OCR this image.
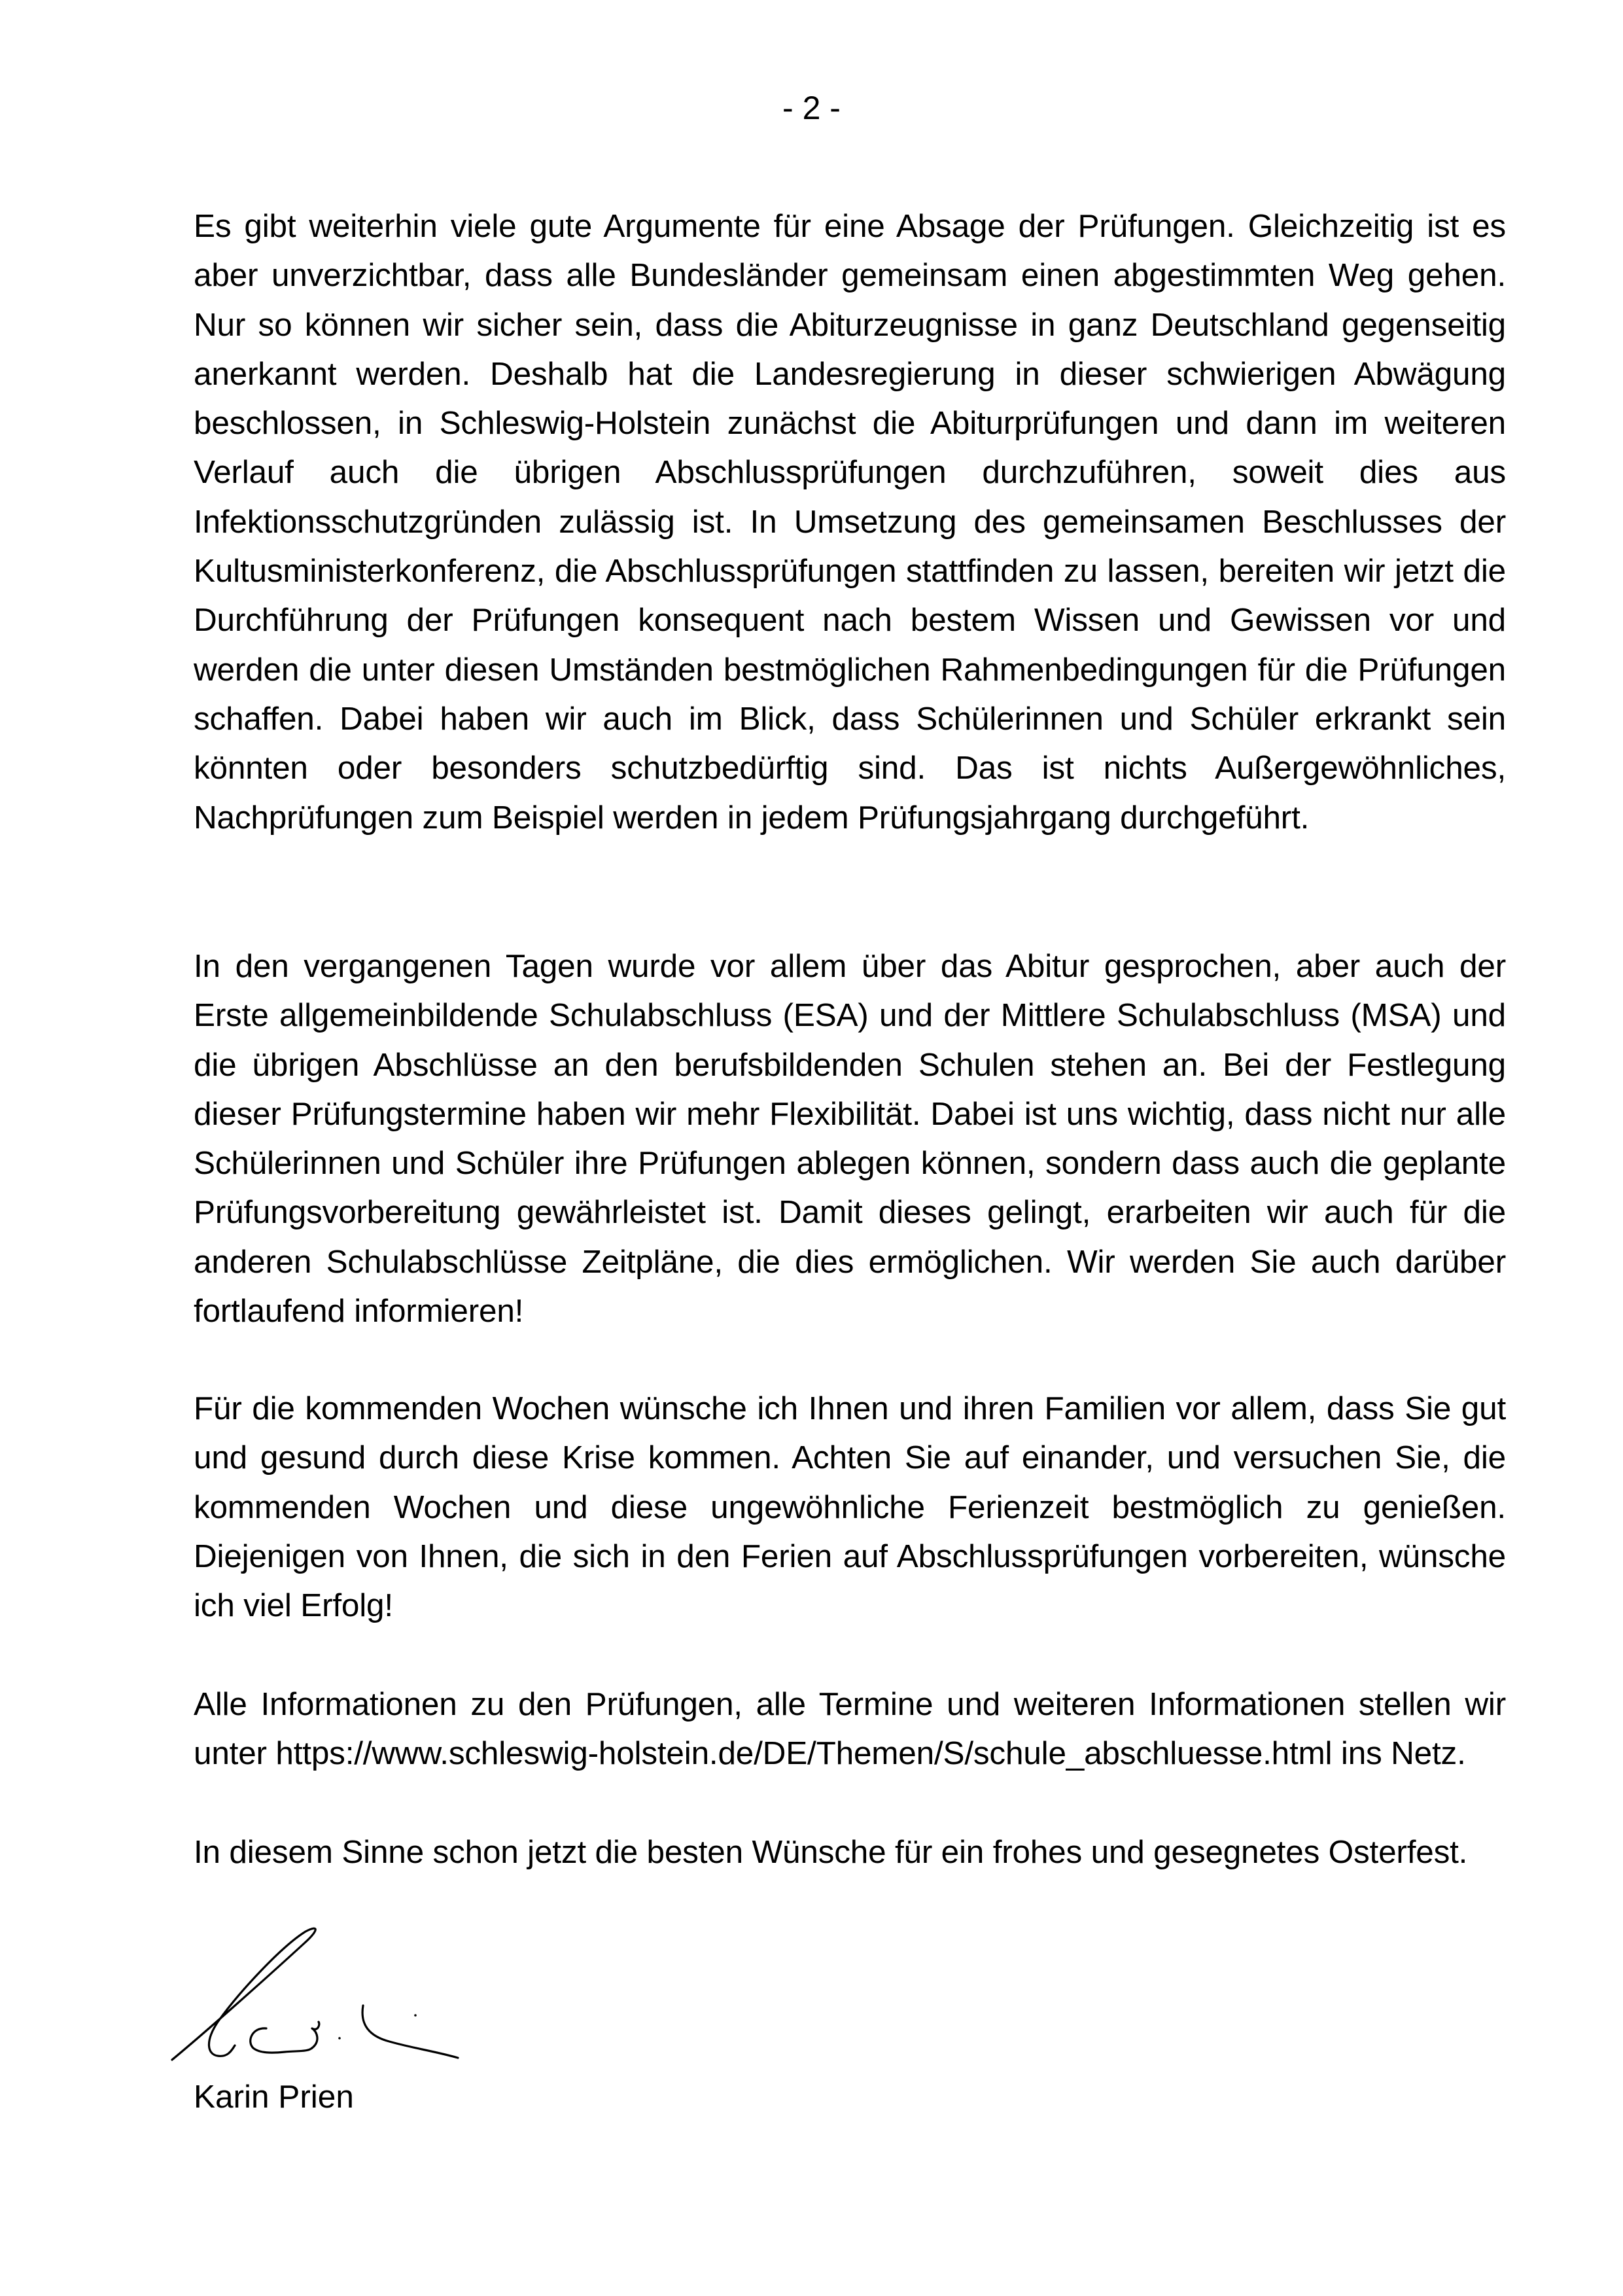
- 2 -

Es gibt weiterhin viele gute Argumente für eine Absage der Prüfungen. Gleichzeitig ist es aber unverzichtbar, dass alle Bundesländer gemeinsam einen abgestimmten Weg gehen. Nur so können wir sicher sein, dass die Abiturzeugnisse in ganz Deutschland gegenseitig anerkannt werden. Deshalb hat die Landesregierung in dieser schwierigen Abwägung beschlossen, in Schleswig-Holstein zunächst die Abiturprüfungen und dann im weiteren Verlauf auch die übrigen Abschlussprüfungen durchzuführen, soweit dies aus Infektionsschutzgründen zulässig ist. In Umsetzung des gemeinsamen Beschlusses der Kultusministerkonferenz, die Abschlussprüfungen stattfinden zu lassen, bereiten wir jetzt die Durchführung der Prüfungen konsequent nach bestem Wissen und Gewissen vor und werden die unter diesen Umständen bestmöglichen Rahmenbedingungen für die Prüfungen schaffen. Dabei haben wir auch im Blick, dass Schülerinnen und Schüler erkrankt sein könnten oder besonders schutzbedürftig sind. Das ist nichts Außergewöhnliches, Nachprüfungen zum Beispiel werden in jedem Prüfungsjahrgang durchgeführt.

In den vergangenen Tagen wurde vor allem über das Abitur gesprochen, aber auch der Erste allgemeinbildende Schulabschluss (ESA) und der Mittlere Schulabschluss (MSA) und die übrigen Abschlüsse an den berufsbildenden Schulen stehen an. Bei der Festlegung dieser Prüfungstermine haben wir mehr Flexibilität. Dabei ist uns wichtig, dass nicht nur alle Schülerinnen und Schüler ihre Prüfungen ablegen können, sondern dass auch die geplante Prüfungsvorbereitung gewährleistet ist. Damit dieses gelingt, erarbeiten wir auch für die anderen Schulabschlüsse Zeitpläne, die dies ermöglichen. Wir werden Sie auch darüber fortlaufend informieren!

Für die kommenden Wochen wünsche ich Ihnen und ihren Familien vor allem, dass Sie gut und gesund durch diese Krise kommen. Achten Sie auf einander, und versuchen Sie, die kommenden Wochen und diese ungewöhnliche Ferienzeit bestmöglich zu genießen. Diejenigen von Ihnen, die sich in den Ferien auf Abschlussprüfungen vorbereiten, wünsche ich viel Erfolg!

Alle Informationen zu den Prüfungen, alle Termine und weiteren Informationen stellen wir unter https://www.schleswig-holstein.de/DE/Themen/S/schule_abschluesse.html ins Netz.

In diesem Sinne schon jetzt die besten Wünsche für ein frohes und gesegnetes Osterfest.

Karin Prien
